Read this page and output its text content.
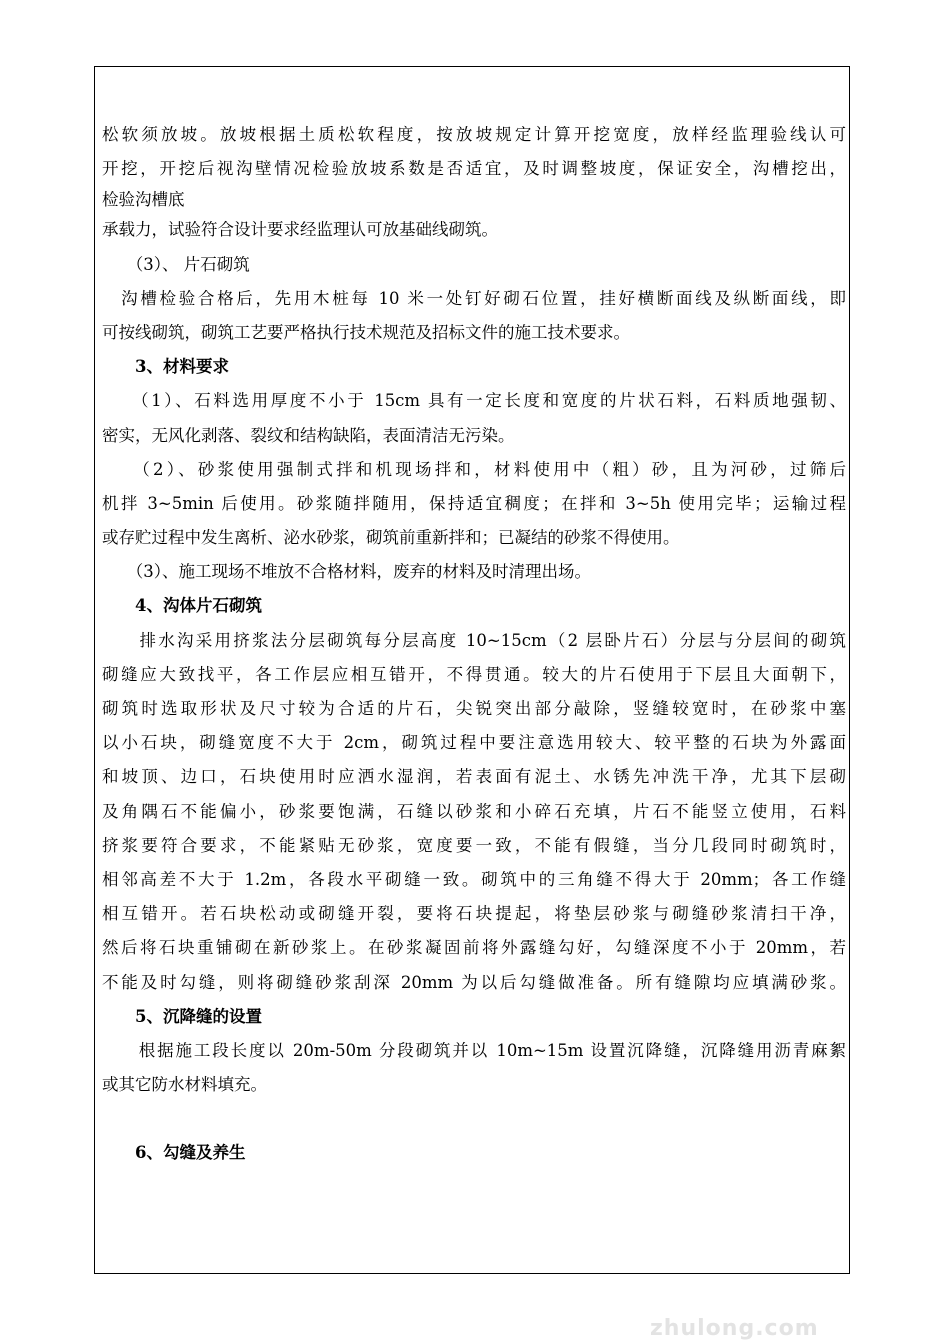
松软须放坡。放坡根据土质松软程度，按放坡规定计算开挖宽度，放样经监理验线认可
开挖，开挖后视沟壁情况检验放坡系数是否适宜，及时调整坡度，保证安全，沟槽挖出，
检验沟槽底
承载力，试验符合设计要求经监理认可放基础线砌筑。
　　（3）、 片石砌筑
　沟槽检验合格后，先用木桩每 10 米一处钉好砌石位置，挂好横断面线及纵断面线，即
可按线砌筑，砌筑工艺要严格执行技术规范及招标文件的施工技术要求。
　　3、材料要求
　　（1）、石料选用厚度不小于 15cm 具有一定长度和宽度的片状石料，石料质地强韧、
密实，无风化剥落、裂纹和结构缺陷，表面清洁无污染。
　　（2）、砂浆使用强制式拌和机现场拌和，材料使用中（粗）砂，且为河砂，过筛后
机拌 3~5min 后使用。砂浆随拌随用，保持适宜稠度；在拌和 3~5h 使用完毕；运输过程
或存贮过程中发生离析、泌水砂浆，砌筑前重新拌和；已凝结的砂浆不得使用。
　　（3）、施工现场不堆放不合格材料，废弃的材料及时清理出场。
　　4、沟体片石砌筑
　　排水沟采用挤浆法分层砌筑每分层高度 10~15cm（2 层卧片石）分层与分层间的砌筑
砌缝应大致找平，各工作层应相互错开，不得贯通。较大的片石使用于下层且大面朝下，
砌筑时选取形状及尺寸较为合适的片石，尖锐突出部分敲除，竖缝较宽时，在砂浆中塞
以小石块，砌缝宽度不大于 2cm，砌筑过程中要注意选用较大、较平整的石块为外露面
和坡顶、边口，石块使用时应洒水湿润，若表面有泥土、水锈先冲洗干净，尤其下层砌
及角隅石不能偏小，砂浆要饱满，石缝以砂浆和小碎石充填，片石不能竖立使用，石料
挤浆要符合要求，不能紧贴无砂浆，宽度要一致，不能有假缝，当分几段同时砌筑时，
相邻高差不大于 1.2m，各段水平砌缝一致。砌筑中的三角缝不得大于 20mm；各工作缝
相互错开。若石块松动或砌缝开裂，要将石块提起，将垫层砂浆与砌缝砂浆清扫干净，
然后将石块重铺砌在新砂浆上。在砂浆凝固前将外露缝勾好，勾缝深度不小于 20mm，若
不能及时勾缝，则将砌缝砂浆刮深 20mm 为以后勾缝做准备。所有缝隙均应填满砂浆。
　　5、沉降缝的设置
　　根据施工段长度以 20m-50m 分段砌筑并以 10m~15m 设置沉降缝，沉降缝用沥青麻絮
或其它防水材料填充。
　　6、勾缝及养生
zhulong.com
